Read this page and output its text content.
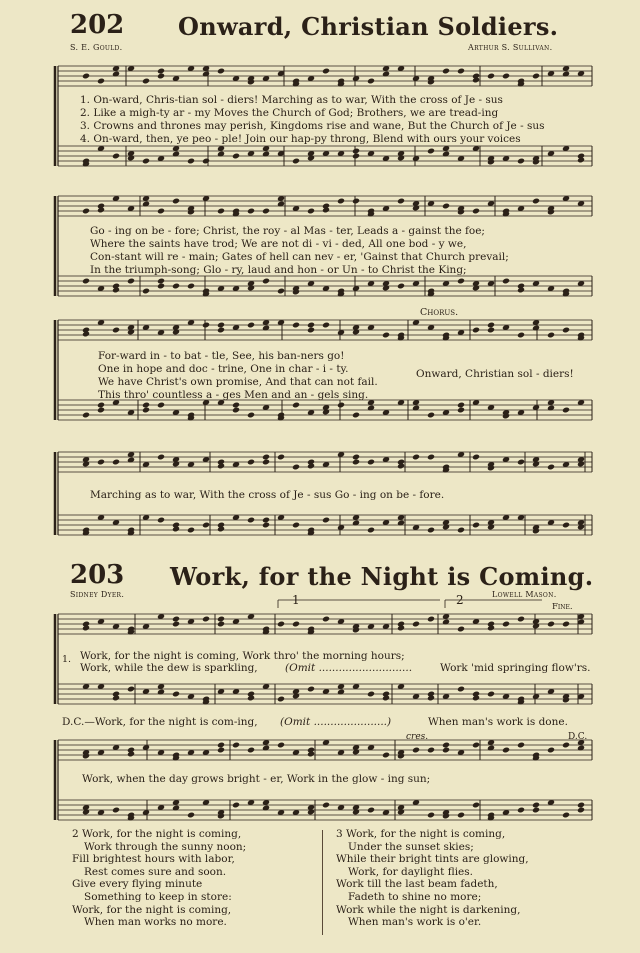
202 Onward, Christian Soldiers.
S. E. Gould.	Arthur S. Sullivan.
1. On-ward, Chris-tian sol - diers! Marching as to war, With the cross of Je - sus
2. Like a migh-ty ar - my Moves the Church of God; Brothers, we are tread-ing
3. Crowns and thrones may perish, Kingdoms rise and wane, But the Church of Je - sus
4. On-ward, then, ye peo - ple! Join our hap-py throng, Blend with ours your voices
Go - ing on be - fore; Christ, the roy - al Mas - ter, Leads a - gainst the foe;
Where the saints have trod; We are not di - vi - ded, All one bod - y we,
Con-stant will re - main; Gates of hell can nev - er, 'Gainst that Church prevail;
In the triumph-song; Glo - ry, laud and hon - or Un - to Christ the King;
For-ward in - to bat - tle, See, his ban-ners go!
One in hope and doc - trine, One in char - i - ty.
We have Christ's own promise, And that can not fail.
This thro' countless a - ges Men and an - gels sing.
Chorus.
Onward, Christian sol - diers!
Marching as to war, With the cross of Je - sus Go - ing on be - fore.
203 Work, for the Night is Coming.
Sidney Dyer.	Lowell Mason.
1	2	Fine.
1. Work, for the night is coming, Work thro' the morning hours;
Work, while the dew is sparkling,	(Omit ............................	Work 'mid springing flow'rs.
D.C.—Work, for the night is com-ing, (Omit ......................)	When man's work is done.
cres.	D.C.
Work, when the day grows bright - er, Work in the glow - ing sun;
2 Work, for the night is coming,
Work through the sunny noon;
Fill brightest hours with labor,
Rest comes sure and soon.
Give every flying minute
Something to keep in store:
Work, for the night is coming,
When man works no more.
3 Work, for the night is coming,
Under the sunset skies;
While their bright tints are glowing,
Work, for daylight flies.
Work till the last beam fadeth,
Fadeth to shine no more;
Work while the night is darkening,
When man's work is o'er.
